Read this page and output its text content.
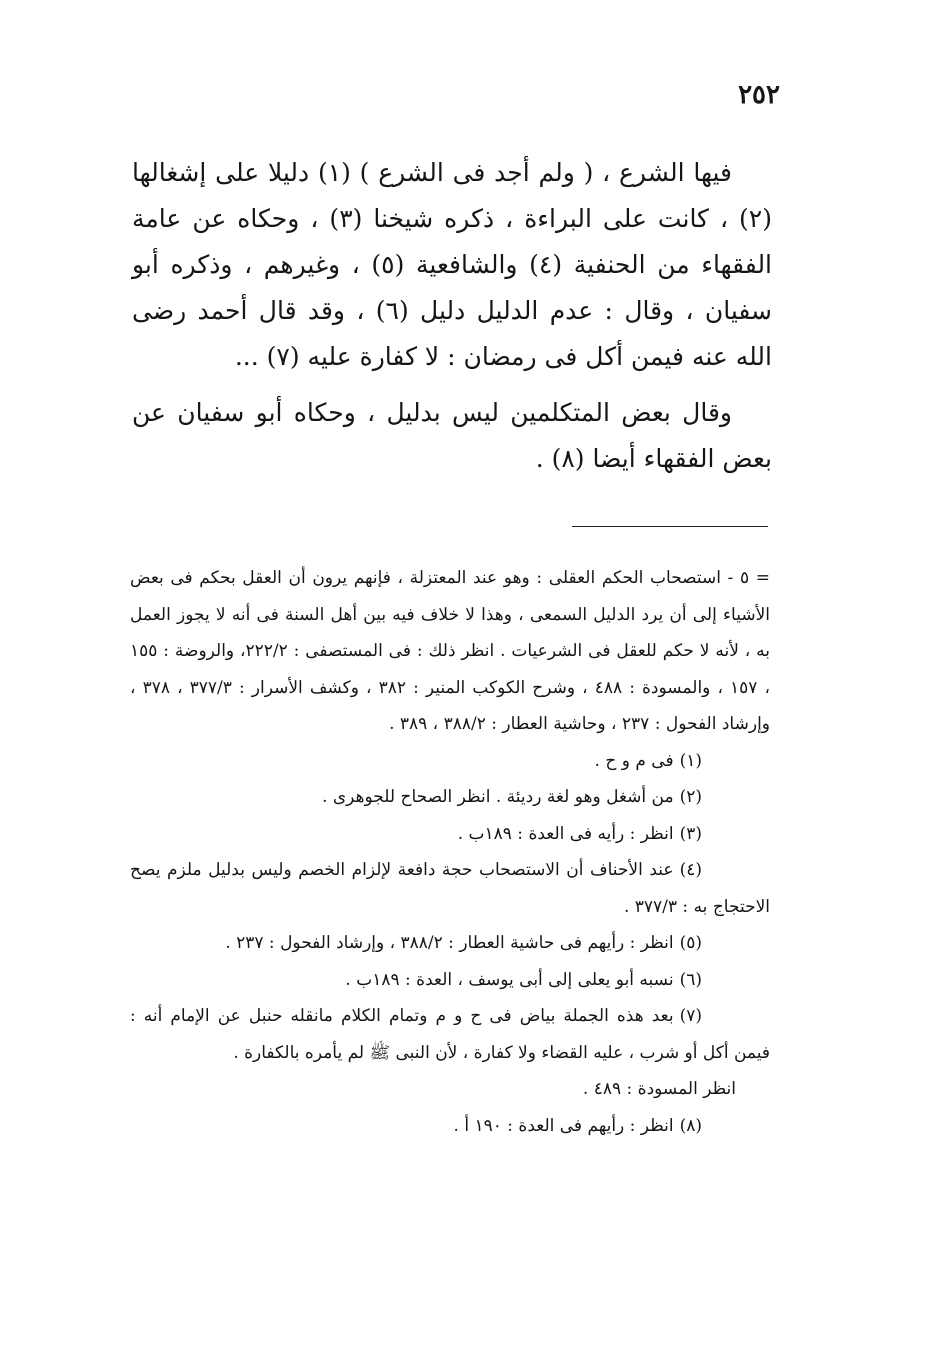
٢٥٢

فيها الشرع ، ( ولم أجد فى الشرع ) (١) دليلا على إشغالها (٢) ، كانت على البراءة ، ذكره شيخنا (٣) ، وحكاه عن عامة الفقهاء من الحنفية (٤) والشافعية (٥) ، وغيرهم ، وذكره أبو سفيان ، وقال : عدم الدليل دليل (٦) ، وقد قال أحمد رضى الله عنه فيمن أكل فى رمضان : لا كفارة عليه (٧) ...

وقال بعض المتكلمين ليس بدليل ، وحكاه أبو سفيان عن بعض الفقهاء أيضا (٨) .

= ٥ - استصحاب الحكم العقلى : وهو عند المعتزلة ، فإنهم يرون أن العقل بحكم فى بعض الأشياء إلى أن يرد الدليل السمعى ، وهذا لا خلاف فيه بين أهل السنة فى أنه لا يجوز العمل به ، لأنه لا حكم للعقل فى الشرعيات . انظر ذلك : فى المستصفى : ٢٢٢/٢، والروضة : ١٥٥ ، ١٥٧ ، والمسودة : ٤٨٨ ، وشرح الكوكب المنير : ٣٨٢ ، وكشف الأسرار : ٣٧٧/٣ ، ٣٧٨ ، وإرشاد الفحول : ٢٣٧ ، وحاشية العطار : ٣٨٨/٢ ، ٣٨٩ .

(١)فى م و ح .

(٢)من أشغل وهو لغة رديئة . انظر الصحاح للجوهرى .

(٣)انظر : رأيه فى العدة : ١٨٩ب .

(٤)عند الأحناف أن الاستصحاب حجة دافعة لإلزام الخصم وليس بدليل ملزم يصح الاحتجاج به : ٣٧٧/٣ .

(٥)انظر : رأيهم فى حاشية العطار : ٣٨٨/٢ ، وإرشاد الفحول : ٢٣٧ .

(٦)نسبه أبو يعلى إلى أبى يوسف ، العدة : ١٨٩ب .

(٧)بعد هذه الجملة بياض فى ح و م وتمام الكلام مانقله حنبل عن الإمام أنه : فيمن أكل أو شرب ، عليه القضاء ولا كفارة ، لأن النبى ﷺ لم يأمره بالكفارة .

انظر المسودة : ٤٨٩ .

(٨)انظر : رأيهم فى العدة : ١٩٠ أ .
